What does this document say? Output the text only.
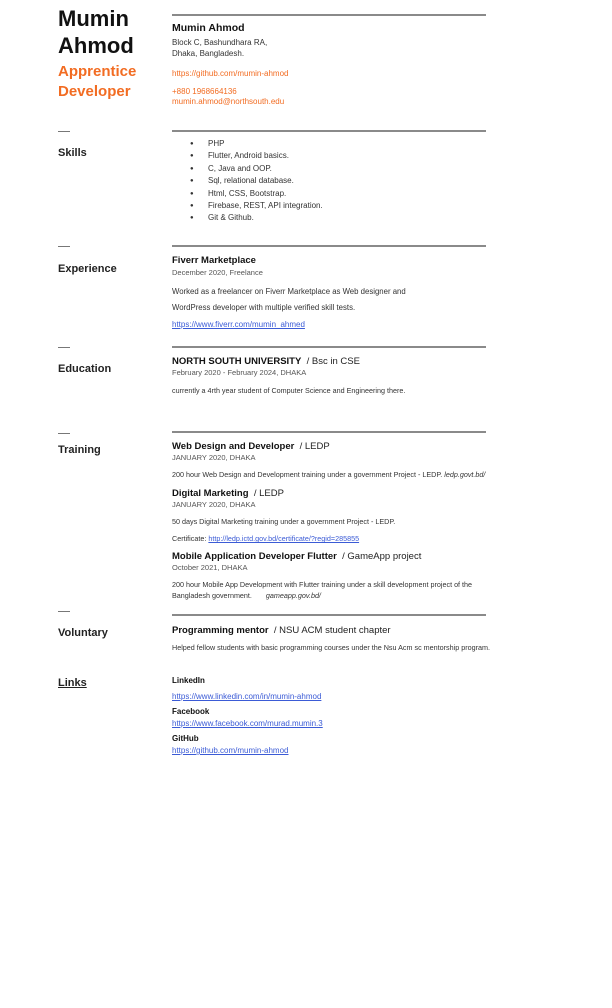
Mumin
Ahmod
Apprentice
Developer
Mumin Ahmod
Block C, Bashundhara RA,
Dhaka, Bangladesh.
https://github.com/mumin-ahmod
+880 1968664136
mumin.ahmod@northsouth.edu
Skills
● PHP
● Flutter, Android basics.
● C, Java and OOP.
● Sql, relational database.
● Html, CSS, Bootstrap.
● Firebase, REST, API integration.
● Git & Github.
Experience
Fiverr Marketplace
December 2020, Freelance
Worked as a freelancer on Fiverr Marketplace as Web designer and
WordPress developer with multiple verified skill tests.
https://www.fiverr.com/mumin_ahmed
Education
NORTH SOUTH UNIVERSITY / Bsc in CSE
February 2020 - February 2024, DHAKA
currently a 4rth year student of Computer Science and Engineering there.
Training	Web Design and Developer / LEDP
JANUARY 2020, DHAKA
200 hour Web Design and Development training under a government Project - LEDP. ledp.govt.bd/
Digital Marketing / LEDP
JANUARY 2020, DHAKA
50 days Digital Marketing training under a government Project - LEDP.
Certificate: http://ledp.ictd.gov.bd/certificate/?regid=285855
Mobile Application Developer Flutter / GameApp project
October 2021, DHAKA
200 hour Mobile App Development with Flutter training under a skill development project of the
Bangladesh government. gameapp.gov.bd/
Voluntary	Programming mentor / NSU ACM student chapter
Helped fellow students with basic programming courses under the Nsu Acm sc mentorship program.
Links	LinkedIn
https://www.linkedin.com/in/mumin-ahmod
Facebook
https://www.facebook.com/murad.mumin.3
GitHub
https://github.com/mumin-ahmod
